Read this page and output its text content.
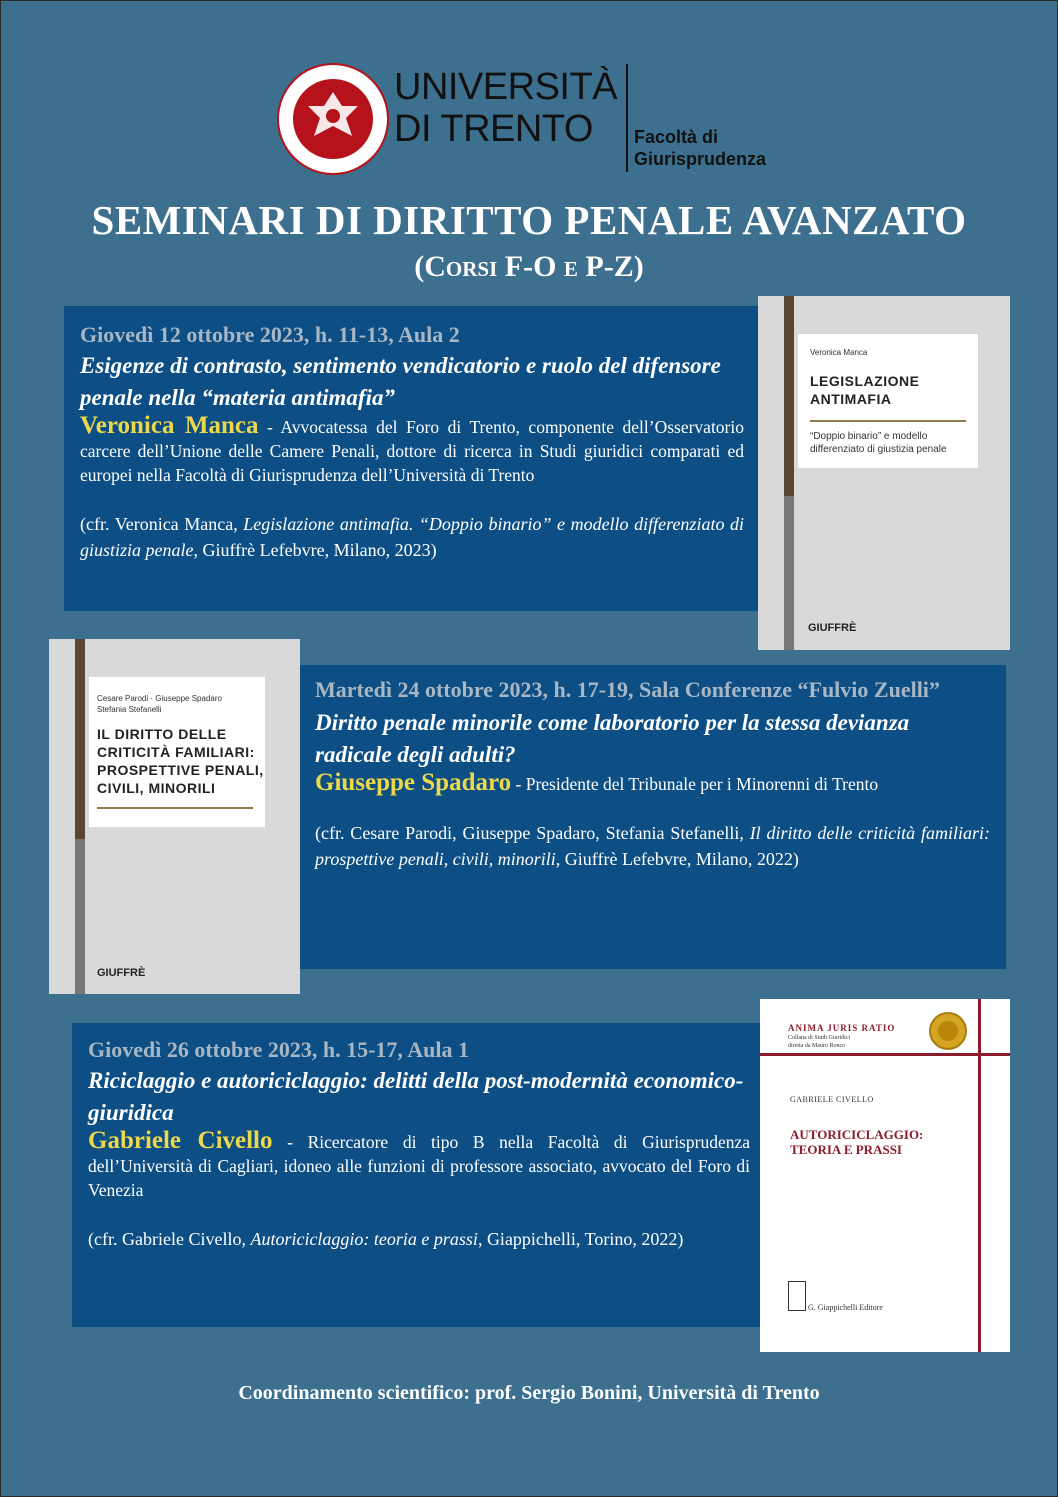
UNIVERSITÀ
DI TRENTO	Facoltà di
Giurisprudenza
SEMINARI DI DIRITTO PENALE AVANZATO
(Corsi F-O e P-Z)
Giovedì 12 ottobre 2023, h. 11-13, Aula 2
Esigenze di contrasto, sentimento vendicatorio e ruolo del difensore penale nella “materia antimafia”
Veronica Manca - Avvocatessa del Foro di Trento, componente dell’Osservatorio carcere dell’Unione delle Camere Penali, dottore di ricerca in Studi giuridici comparati ed europei nella Facoltà di Giurisprudenza dell’Università di Trento
(cfr. Veronica Manca, Legislazione antimafia. “Doppio binario” e modello differenziato di giustizia penale, Giuffrè Lefebvre, Milano, 2023)
Veronica Manca
LEGISLAZIONE
ANTIMAFIA
“Doppio binario” e modello differenziato di giustizia penale
GIUFFRÈ
Cesare Parodi · Giuseppe Spadaro Stefania Stefanelli
IL DIRITTO DELLE
CRITICITÀ FAMILIARI:
PROSPETTIVE PENALI,
CIVILI, MINORILI
GIUFFRÈ
Martedì 24 ottobre 2023, h. 17-19, Sala Conferenze “Fulvio Zuelli”
Diritto penale minorile come laboratorio per la stessa devianza radicale degli adulti?
Giuseppe Spadaro - Presidente del Tribunale per i Minorenni di Trento
(cfr. Cesare Parodi, Giuseppe Spadaro, Stefania Stefanelli, Il diritto delle criticità familiari: prospettive penali, civili, minorili, Giuffrè Lefebvre, Milano, 2022)
Giovedì 26 ottobre 2023, h. 15-17, Aula 1
Riciclaggio e autoriciclaggio: delitti della post-modernità economico-giuridica
Gabriele Civello - Ricercatore di tipo B nella Facoltà di Giurisprudenza dell’Università di Cagliari, idoneo alle funzioni di professore associato, avvocato del Foro di Venezia
(cfr. Gabriele Civello, Autoriciclaggio: teoria e prassi, Giappichelli, Torino, 2022)
ANIMA JURIS RATIO
Collana di Studi Giuridici
diretta da Mauro Ronco
GABRIELE CIVELLO
AUTORICICLAGGIO:
TEORIA E PRASSI
G. Giappichelli Editore
Coordinamento scientifico: prof. Sergio Bonini, Università di Trento
